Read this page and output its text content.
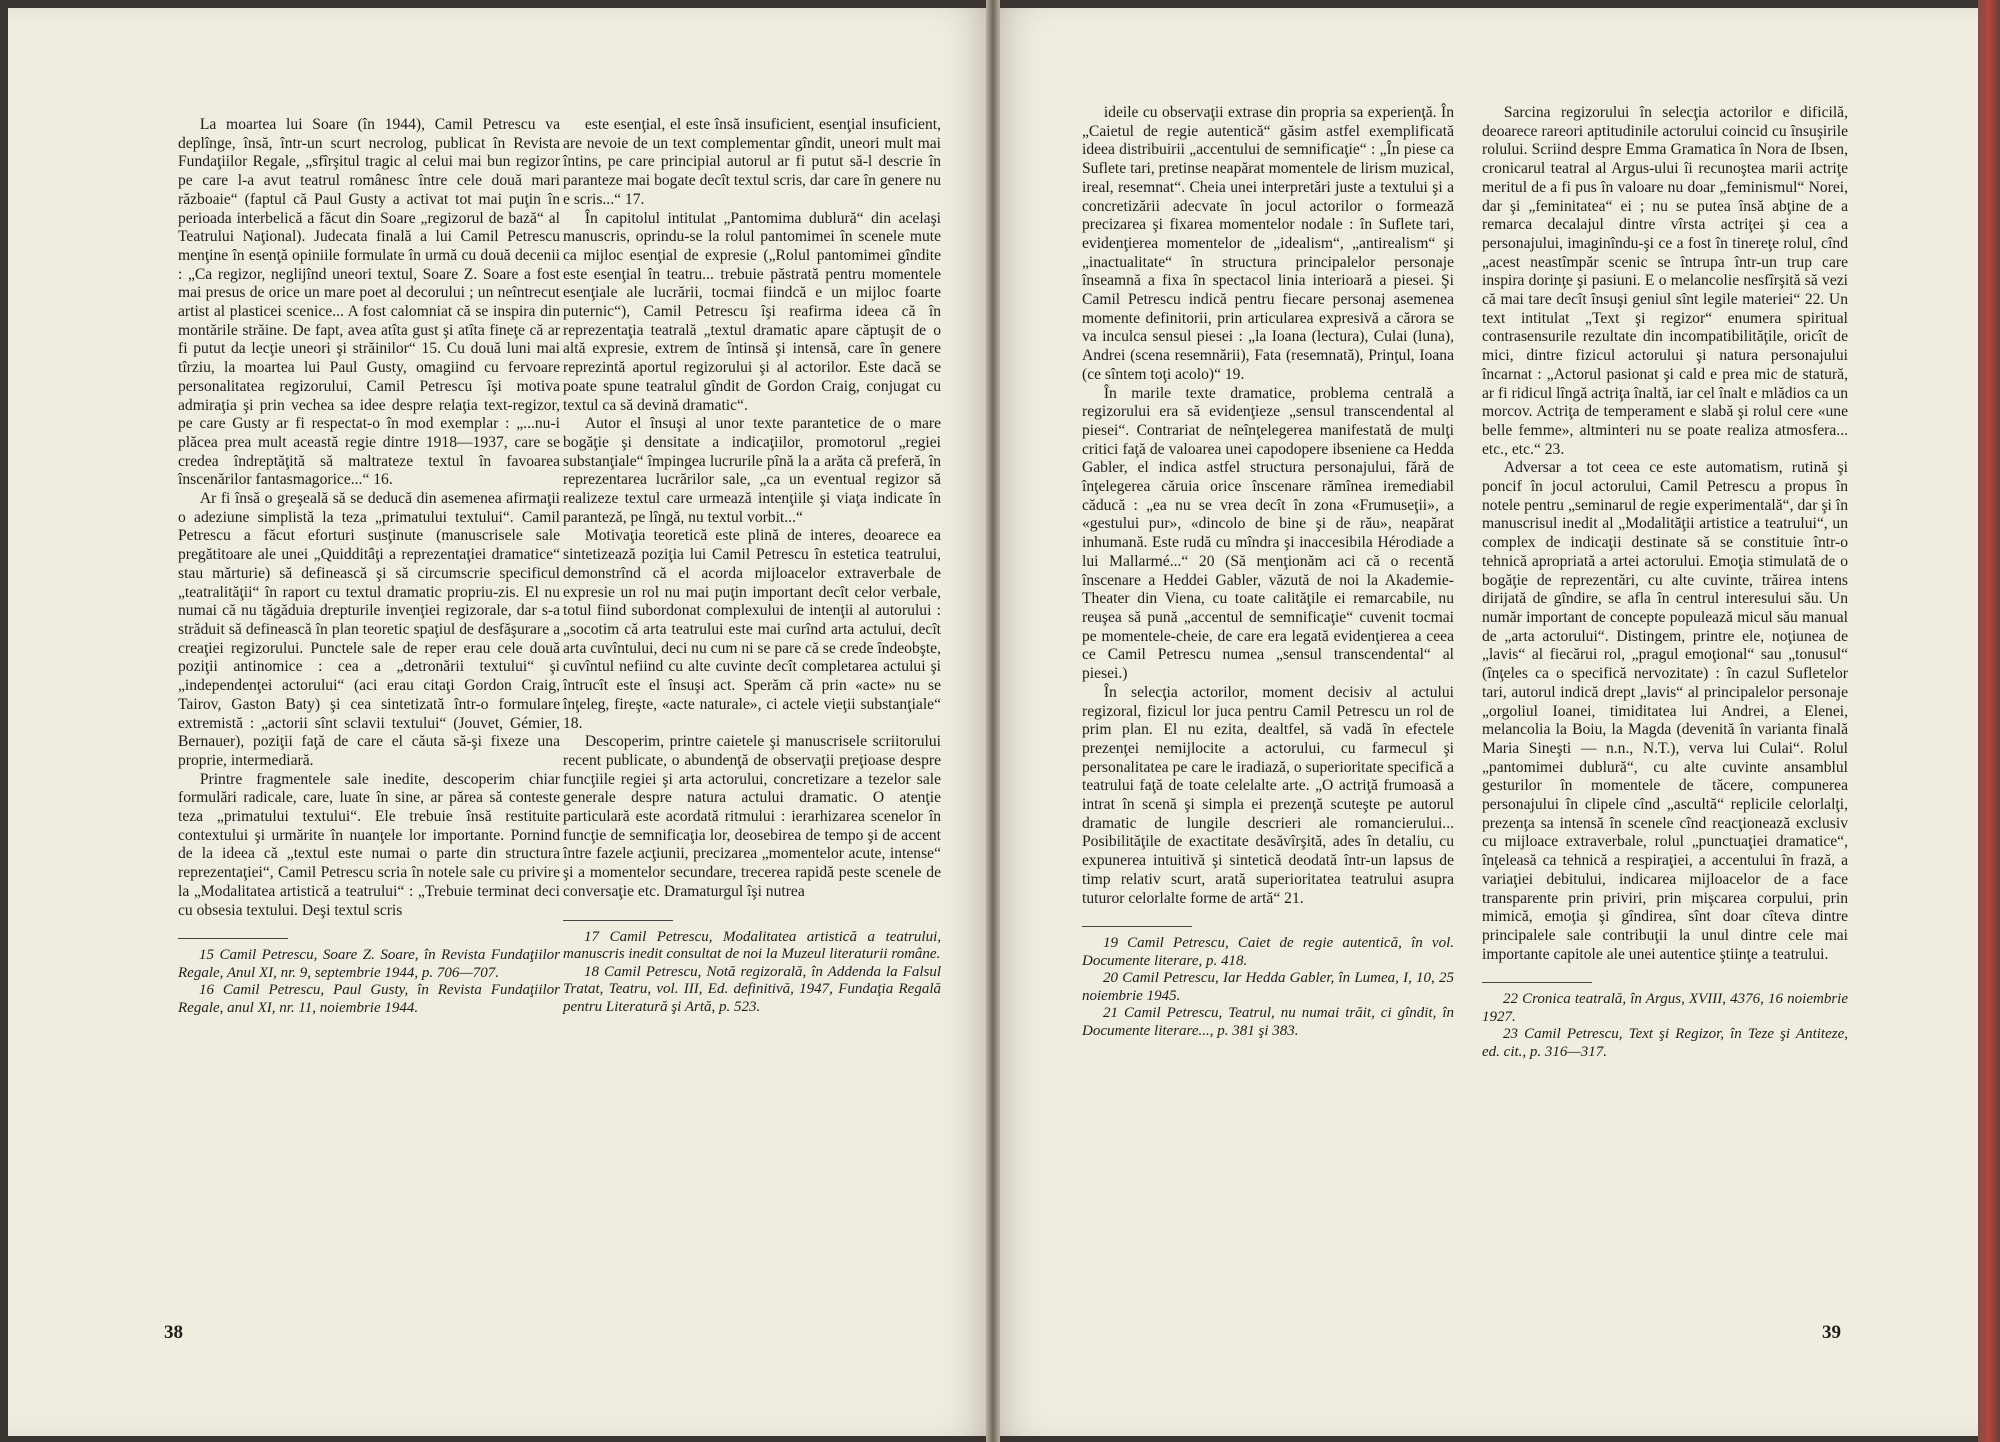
La moartea lui Soare (în 1944), Camil Petrescu va deplînge, însă, într-un scurt necrolog, publicat în Revista Fundaţiilor Regale, „sfîrşitul tragic al celui mai bun regizor pe care l-a avut teatrul românesc între cele două mari războaie“ (faptul că Paul Gusty a activat tot mai puţin în perioada interbelică a făcut din Soare „regizorul de bază“ al Teatrului Naţional). Judecata finală a lui Camil Petrescu menţine în esenţă opiniile formulate în urmă cu două decenii : „Ca regizor, neglijînd uneori textul, Soare Z. Soare a fost mai presus de orice un mare poet al decorului ; un neîntrecut artist al plasticei scenice... A fost calomniat că se inspira din montările străine. De fapt, avea atîta gust şi atîta fineţe că ar fi putut da lecţie uneori şi străinilor“ 15. Cu două luni mai tîrziu, la moartea lui Paul Gusty, omagiind cu fervoare personalitatea regizorului, Camil Petrescu îşi motiva admiraţia şi prin vechea sa idee despre relaţia text-regizor, pe care Gusty ar fi respectat-o în mod exemplar : „...nu-i plăcea prea mult această regie dintre 1918—1937, care se credea îndreptăţită să maltrateze textul în favoarea înscenărilor fantasmagorice...“ 16.

Ar fi însă o greşeală să se deducă din asemenea afirmaţii o adeziune simplistă la teza „primatului textului“. Camil Petrescu a făcut eforturi susţinute (manuscrisele sale pregătitoare ale unei „Quidditâţi a reprezentaţiei dramatice“ stau mărturie) să definească şi să circumscrie specificul „teatralităţii“ în raport cu textul dramatic propriu-zis. El nu numai că nu tăgăduia drepturile invenţiei regizorale, dar s-a străduit să definească în plan teoretic spaţiul de desfăşurare a creaţiei regizorului. Punctele sale de reper erau cele două poziţii antinomice : cea a „detronării textului“ şi „independenţei actorului“ (aci erau citaţi Gordon Craig, Tairov, Gaston Baty) şi cea sintetizată într-o formulare extremistă : „actorii sînt sclavii textului“ (Jouvet, Gémier, Bernauer), poziţii faţă de care el căuta să-şi fixeze una proprie, intermediară.

Printre fragmentele sale inedite, descoperim chiar formulări radicale, care, luate în sine, ar părea să conteste teza „primatului textului“. Ele trebuie însă restituite contextului şi urmărite în nuanţele lor importante. Pornind de la ideea că „textul este numai o parte din structura reprezentaţiei“, Camil Petrescu scria în notele sale cu privire la „Modalitatea artistică a teatrului“ : „Trebuie terminat deci cu obsesia textului. Deşi textul scris

15 Camil Petrescu, Soare Z. Soare, în Revista Fundaţiilor Regale, Anul XI, nr. 9, septembrie 1944, p. 706—707.
16 Camil Petrescu, Paul Gusty, în Revista Fundaţiilor Regale, anul XI, nr. 11, noiembrie 1944.

este esenţial, el este însă insuficient, esenţial insuficient, are nevoie de un text complementar gîndit, uneori mult mai întins, pe care principial autorul ar fi putut să-l descrie în paranteze mai bogate decît textul scris, dar care în genere nu e scris...“ 17.

În capitolul intitulat „Pantomima dublură“ din acelaşi manuscris, oprindu-se la rolul pantomimei în scenele mute ca mijloc esenţial de expresie („Rolul pantomimei gîndite este esenţial în teatru... trebuie păstrată pentru momentele esenţiale ale lucrării, tocmai fiindcă e un mijloc foarte puternic“), Camil Petrescu îşi reafirma ideea că în reprezentaţia teatrală „textul dramatic apare căptuşit de o altă expresie, extrem de întinsă şi intensă, care în genere reprezintă aportul regizorului şi al actorilor. Este dacă se poate spune teatralul gîndit de Gordon Craig, conjugat cu textul ca să devină dramatic“.

Autor el însuşi al unor texte parantetice de o mare bogăţie şi densitate a indicaţiilor, promotorul „regiei substanţiale“ împingea lucrurile pînă la a arăta că preferă, în reprezentarea lucrărilor sale, „ca un eventual regizor să realizeze textul care urmează intenţiile şi viaţa indicate în paranteză, pe lîngă, nu textul vorbit...“

Motivaţia teoretică este plină de interes, deoarece ea sintetizează poziţia lui Camil Petrescu în estetica teatrului, demonstrînd că el acorda mijloacelor extraverbale de expresie un rol nu mai puţin important decît celor verbale, totul fiind subordonat complexului de intenţii al autorului : „socotim că arta teatrului este mai curînd arta actului, decît arta cuvîntului, deci nu cum ni se pare că se crede îndeobşte, cuvîntul nefiind cu alte cuvinte decît completarea actului şi întrucît este el însuşi act. Sperăm că prin «acte» nu se înţeleg, fireşte, «acte naturale», ci actele vieţii substanţiale“ 18.

Descoperim, printre caietele şi manuscrisele scriitorului recent publicate, o abundenţă de observaţii preţioase despre funcţiile regiei şi arta actorului, concretizare a tezelor sale generale despre natura actului dramatic. O atenţie particulară este acordată ritmului : ierarhizarea scenelor în funcţie de semnificaţia lor, deosebirea de tempo şi de accent între fazele acţiunii, precizarea „momentelor acute, intense“ şi a momentelor secundare, trecerea rapidă peste scenele de conversaţie etc. Dramaturgul îşi nutrea

17 Camil Petrescu, Modalitatea artistică a teatrului, manuscris inedit consultat de noi la Muzeul literaturii române.
18 Camil Petrescu, Notă regizorală, în Addenda la Falsul Tratat, Teatru, vol. III, Ed. definitivă, 1947, Fundaţia Regală pentru Literatură şi Artă, p. 523.
38

ideile cu observaţii extrase din propria sa experienţă. În „Caietul de regie autentică“ găsim astfel exemplificată ideea distribuirii „accentului de semnificaţie“ : „În piese ca Suflete tari, pretinse neapărat momentele de lirism muzical, ireal, resemnat“. Cheia unei interpretări juste a textului şi a concretizării adecvate în jocul actorilor o formează precizarea şi fixarea momentelor nodale : în Suflete tari, evidenţierea momentelor de „idealism“, „antirealism“ şi „inactualitate“ în structura principalelor personaje înseamnă a fixa în spectacol linia interioară a piesei. Şi Camil Petrescu indică pentru fiecare personaj asemenea momente definitorii, prin articularea expresivă a cărora se va inculca sensul piesei : „la Ioana (lectura), Culai (luna), Andrei (scena resemnării), Fata (resemnată), Prinţul, Ioana (ce sîntem toţi acolo)“ 19.

În marile texte dramatice, problema centrală a regizorului era să evidenţieze „sensul transcendental al piesei“. Contrariat de neînţelegerea manifestată de mulţi critici faţă de valoarea unei capodopere ibseniene ca Hedda Gabler, el indica astfel structura personajului, fără de înţelegerea căruia orice înscenare rămînea iremediabil căducă : „ea nu se vrea decît în zona «Frumuseţii», a «gestului pur», «dincolo de bine şi de rău», neapărat inhumană. Este rudă cu mîndra şi inaccesibila Hérodiade a lui Mallarmé...“ 20 (Să menţionăm aci că o recentă înscenare a Heddei Gabler, văzută de noi la Akademie-Theater din Viena, cu toate calităţile ei remarcabile, nu reuşea să pună „accentul de semnificaţie“ cuvenit tocmai pe momentele-cheie, de care era legată evidenţierea a ceea ce Camil Petrescu numea „sensul transcendental“ al piesei.)

În selecţia actorilor, moment decisiv al actului regizoral, fizicul lor juca pentru Camil Petrescu un rol de prim plan. El nu ezita, dealtfel, să vadă în efectele prezenţei nemijlocite a actorului, cu farmecul şi personalitatea pe care le iradiază, o superioritate specifică a teatrului faţă de toate celelalte arte. „O actriţă frumoasă a intrat în scenă şi simpla ei prezenţă scuteşte pe autorul dramatic de lungile descrieri ale romancierului... Posibilităţile de exactitate desăvîrşită, ades în detaliu, cu expunerea intuitivă şi sintetică deodată într-un lapsus de timp relativ scurt, arată superioritatea teatrului asupra tuturor celorlalte forme de artă“ 21.

19 Camil Petrescu, Caiet de regie autentică, în vol. Documente literare, p. 418.
20 Camil Petrescu, Iar Hedda Gabler, în Lumea, I, 10, 25 noiembrie 1945.
21 Camil Petrescu, Teatrul, nu numai trăit, ci gîndit, în Documente literare..., p. 381 şi 383.

Sarcina regizorului în selecţia actorilor e dificilă, deoarece rareori aptitudinile actorului coincid cu însuşirile rolului. Scriind despre Emma Gramatica în Nora de Ibsen, cronicarul teatral al Argus-ului îi recunoştea marii actriţe meritul de a fi pus în valoare nu doar „feminismul“ Norei, dar şi „feminitatea“ ei ; nu se putea însă abţine de a remarca decalajul dintre vîrsta actriţei şi cea a personajului, imaginîndu-şi ce a fost în tinereţe rolul, cînd „acest neastîmpăr scenic se întrupa într-un trup care inspira dorinţe şi pasiuni. E o melancolie nesfîrşită să vezi că mai tare decît însuşi geniul sînt legile materiei“ 22. Un text intitulat „Text şi regizor“ enumera spiritual contrasensurile rezultate din incompatibilităţile, oricît de mici, dintre fizicul actorului şi natura personajului încarnat : „Actorul pasionat şi cald e prea mic de statură, ar fi ridicul lîngă actriţa înaltă, iar cel înalt e mlădios ca un morcov. Actriţa de temperament e slabă şi rolul cere «une belle femme», altminteri nu se poate realiza atmosfera... etc., etc.“ 23.

Adversar a tot ceea ce este automatism, rutină şi poncif în jocul actorului, Camil Petrescu a propus în notele pentru „seminarul de regie experimentală“, dar şi în manuscrisul inedit al „Modalităţii artistice a teatrului“, un complex de indicaţii destinate să se constituie într-o tehnică apropriată a artei actorului. Emoţia stimulată de o bogăţie de reprezentări, cu alte cuvinte, trăirea intens dirijată de gîndire, se afla în centrul interesului său. Un număr important de concepte populează micul său manual de „arta actorului“. Distingem, printre ele, noţiunea de „lavis“ al fiecărui rol, „pragul emoţional“ sau „tonusul“ (înţeles ca o specifică nervozitate) : în cazul Sufletelor tari, autorul indică drept „lavis“ al principalelor personaje „orgoliul Ioanei, timiditatea lui Andrei, a Elenei, melancolia la Boiu, la Magda (devenită în varianta finală Maria Sineşti — n.n., N.T.), verva lui Culai“. Rolul „pantomimei dublură“, cu alte cuvinte ansamblul gesturilor în momentele de tăcere, compunerea personajului în clipele cînd „ascultă“ replicile celorlalţi, prezenţa sa intensă în scenele cînd reacţionează exclusiv cu mijloace extraverbale, rolul „punctuaţiei dramatice“, înţeleasă ca tehnică a respiraţiei, a accentului în frază, a variaţiei debitului, indicarea mijloacelor de a face transparente prin priviri, prin mişcarea corpului, prin mimică, emoţia şi gîndirea, sînt doar cîteva dintre principalele sale contribuţii la unul dintre cele mai importante capitole ale unei autentice ştiinţe a teatrului.

22 Cronica teatrală, în Argus, XVIII, 4376, 16 noiembrie 1927.
23 Camil Petrescu, Text şi Regizor, în Teze şi Antiteze, ed. cit., p. 316—317.
39
